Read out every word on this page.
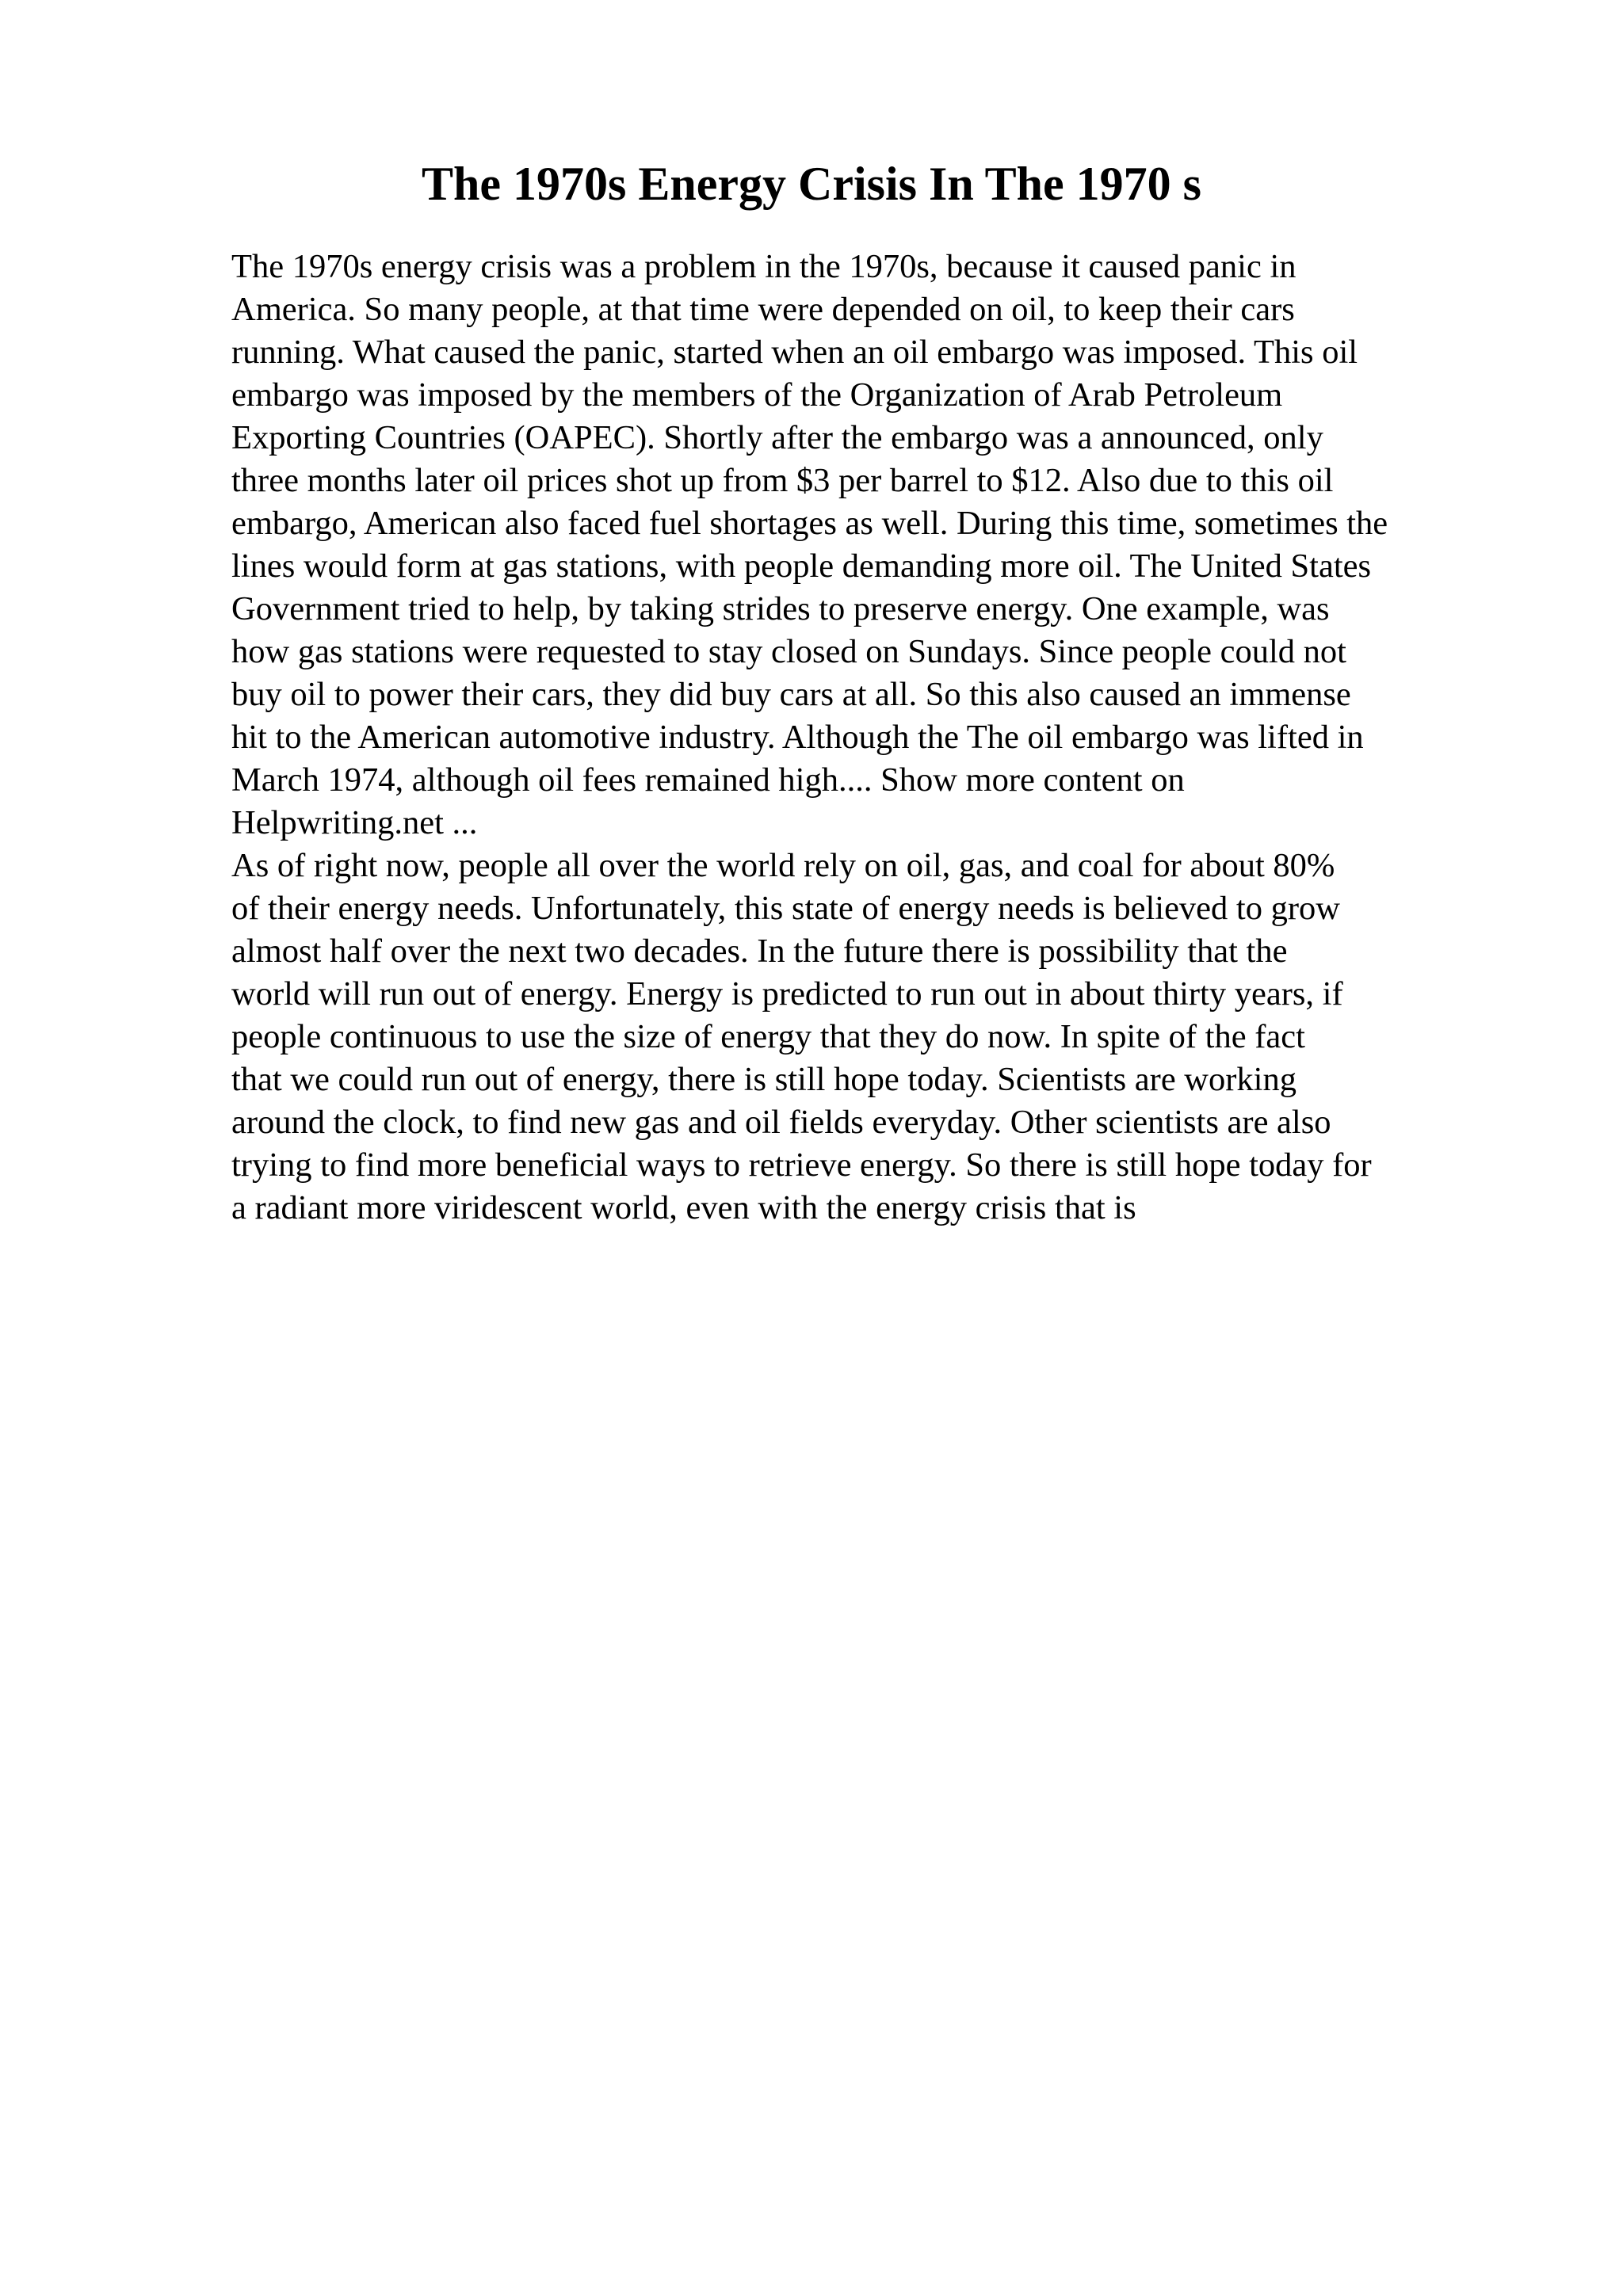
The 1970s Energy Crisis In The 1970 s
The 1970s energy crisis was a problem in the 1970s, because it caused panic in
America. So many people, at that time were depended on oil, to keep their cars
running. What caused the panic, started when an oil embargo was imposed. This oil
embargo was imposed by the members of the Organization of Arab Petroleum
Exporting Countries (OAPEC). Shortly after the embargo was a announced, only
three months later oil prices shot up from $3 per barrel to $12. Also due to this oil
embargo, American also faced fuel shortages as well. During this time, sometimes the
lines would form at gas stations, with people demanding more oil. The United States
Government tried to help, by taking strides to preserve energy. One example, was
how gas stations were requested to stay closed on Sundays. Since people could not
buy oil to power their cars, they did buy cars at all. So this also caused an immense
hit to the American automotive industry. Although the The oil embargo was lifted in
March 1974, although oil fees remained high.... Show more content on
Helpwriting.net ...
As of right now, people all over the world rely on oil, gas, and coal for about 80%
of their energy needs. Unfortunately, this state of energy needs is believed to grow
almost half over the next two decades. In the future there is possibility that the
world will run out of energy. Energy is predicted to run out in about thirty years, if
people continuous to use the size of energy that they do now. In spite of the fact
that we could run out of energy, there is still hope today. Scientists are working
around the clock, to find new gas and oil fields everyday. Other scientists are also
trying to find more beneficial ways to retrieve energy. So there is still hope today for
a radiant more viridescent world, even with the energy crisis that is
